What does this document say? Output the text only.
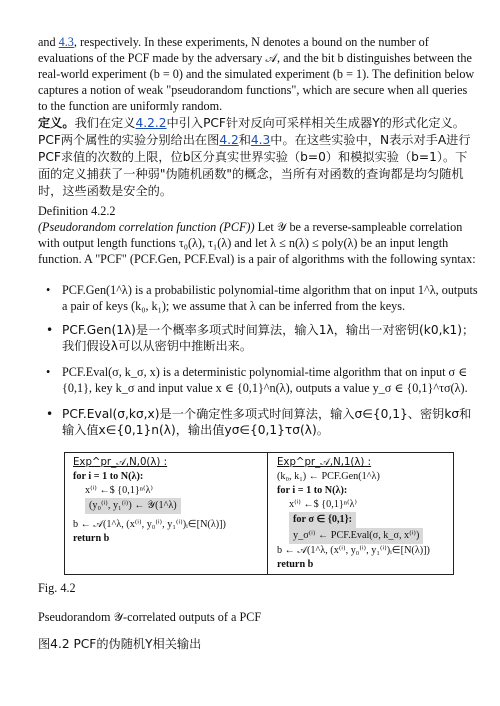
and 4.3, respectively. In these experiments, N denotes a bound on the number of evaluations of the PCF made by the adversary 𝒜, and the bit b distinguishes between the real-world experiment (b = 0) and the simulated experiment (b = 1). The definition below captures a notion of weak "pseudorandom functions", which are secure when all queries to the function are uniformly random.

定义。我们在定义4.2.2中引入PCF针对反向可采样相关生成器Y的形式化定义。PCF两个属性的实验分别给出在图4.2和4.3中。在这些实验中，N表示对手A进行PCF求值的次数的上限，位b区分真实世界实验（b=0）和模拟实验（b=1）。下面的定义捕获了一种弱"伪随机函数"的概念，当所有对函数的查询都是均匀随机时，这些函数是安全的。

Definition 4.2.2

(Pseudorandom correlation function (PCF)) Let 𝒴 be a reverse-sampleable correlation with output length functions τ₀(λ), τ₁(λ) and let λ ≤ n(λ) ≤ poly(λ) be an input length function. A "PCF" (PCF.Gen, PCF.Eval) is a pair of algorithms with the following syntax:

• PCF.Gen(1^λ) is a probabilistic polynomial-time algorithm that on input 1^λ, outputs a pair of keys (k₀, k₁); we assume that λ can be inferred from the keys.
• PCF.Gen(1λ)是一个概率多项式时间算法，输入1λ，输出一对密钥(k0,k1)；我们假设λ可以从密钥中推断出来。
• PCF.Eval(σ, k_σ, x) is a deterministic polynomial-time algorithm that on input σ ∈ {0,1}, key k_σ and input value x ∈ {0,1}^n(λ), outputs a value y_σ ∈ {0,1}^τσ(λ).
• PCF.Eval(σ,kσ,x)是一个确定性多项式时间算法，输入σ∈{0,1}、密钥kσ和输入值x∈{0,1}n(λ)，输出值yσ∈{0,1}τσ(λ)。
Exp^pr_𝒜,N,0(λ) :
for i = 1 to N(λ):
x⁽ⁱ⁾ ←$ {0,1}ⁿ⁽λ⁾
(y₀⁽ⁱ⁾, y₁⁽ⁱ⁾) ← 𝒴(1^λ)
b ← 𝒜(1^λ, (x⁽ⁱ⁾, y₀⁽ⁱ⁾, y₁⁽ⁱ⁾)ᵢ∈[N(λ)])
return b
Exp^pr_𝒜,N,1(λ) :
(k₀, k₁) ← PCF.Gen(1^λ)
for i = 1 to N(λ):
x⁽ⁱ⁾ ←$ {0,1}ⁿ⁽λ⁾
for σ ∈ {0,1}:
y_σ⁽ⁱ⁾ ← PCF.Eval(σ, k_σ, x⁽ⁱ⁾)
b ← 𝒜(1^λ, (x⁽ⁱ⁾, y₀⁽ⁱ⁾, y₁⁽ⁱ⁾)ᵢ∈[N(λ)])
return b

Fig. 4.2

Pseudorandom 𝒴-correlated outputs of a PCF

图4.2 PCF的伪随机Y相关输出
